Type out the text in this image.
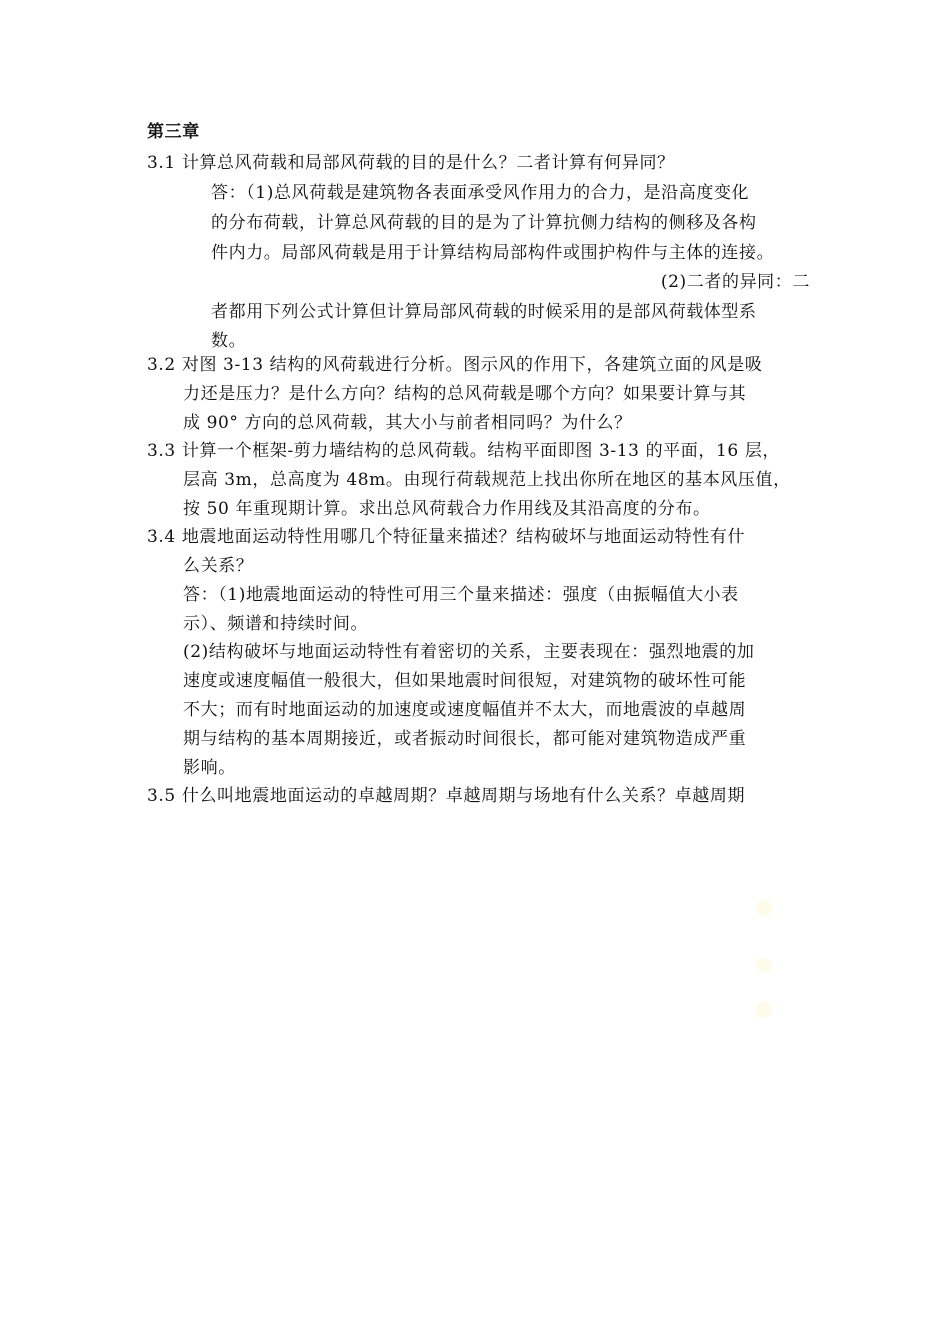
第三章
3.1 计算总风荷载和局部风荷载的目的是什么？二者计算有何异同？
答：（1)总风荷载是建筑物各表面承受风作用力的合力，是沿高度变化
的分布荷载，计算总风荷载的目的是为了计算抗侧力结构的侧移及各构
件内力。局部风荷载是用于计算结构局部构件或围护构件与主体的连接。
(2)二者的异同：二
者都用下列公式计算但计算局部风荷载的时候采用的是部风荷载体型系
数。
3.2 对图 3-13 结构的风荷载进行分析。图示风的作用下，各建筑立面的风是吸
力还是压力？是什么方向？结构的总风荷载是哪个方向？如果要计算与其
成 90° 方向的总风荷载，其大小与前者相同吗？为什么？
3.3 计算一个框架-剪力墙结构的总风荷载。结构平面即图 3-13 的平面，16 层，
层高 3m，总高度为 48m。由现行荷载规范上找出你所在地区的基本风压值，
按 50 年重现期计算。求出总风荷载合力作用线及其沿高度的分布。
3.4 地震地面运动特性用哪几个特征量来描述？结构破坏与地面运动特性有什
么关系？
答：（1)地震地面运动的特性可用三个量来描述：强度（由振幅值大小表
示）、频谱和持续时间。
(2)结构破坏与地面运动特性有着密切的关系，主要表现在：强烈地震的加
速度或速度幅值一般很大，但如果地震时间很短，对建筑物的破坏性可能
不大；而有时地面运动的加速度或速度幅值并不太大，而地震波的卓越周
期与结构的基本周期接近，或者振动时间很长，都可能对建筑物造成严重
影响。
3.5 什么叫地震地面运动的卓越周期？卓越周期与场地有什么关系？卓越周期
